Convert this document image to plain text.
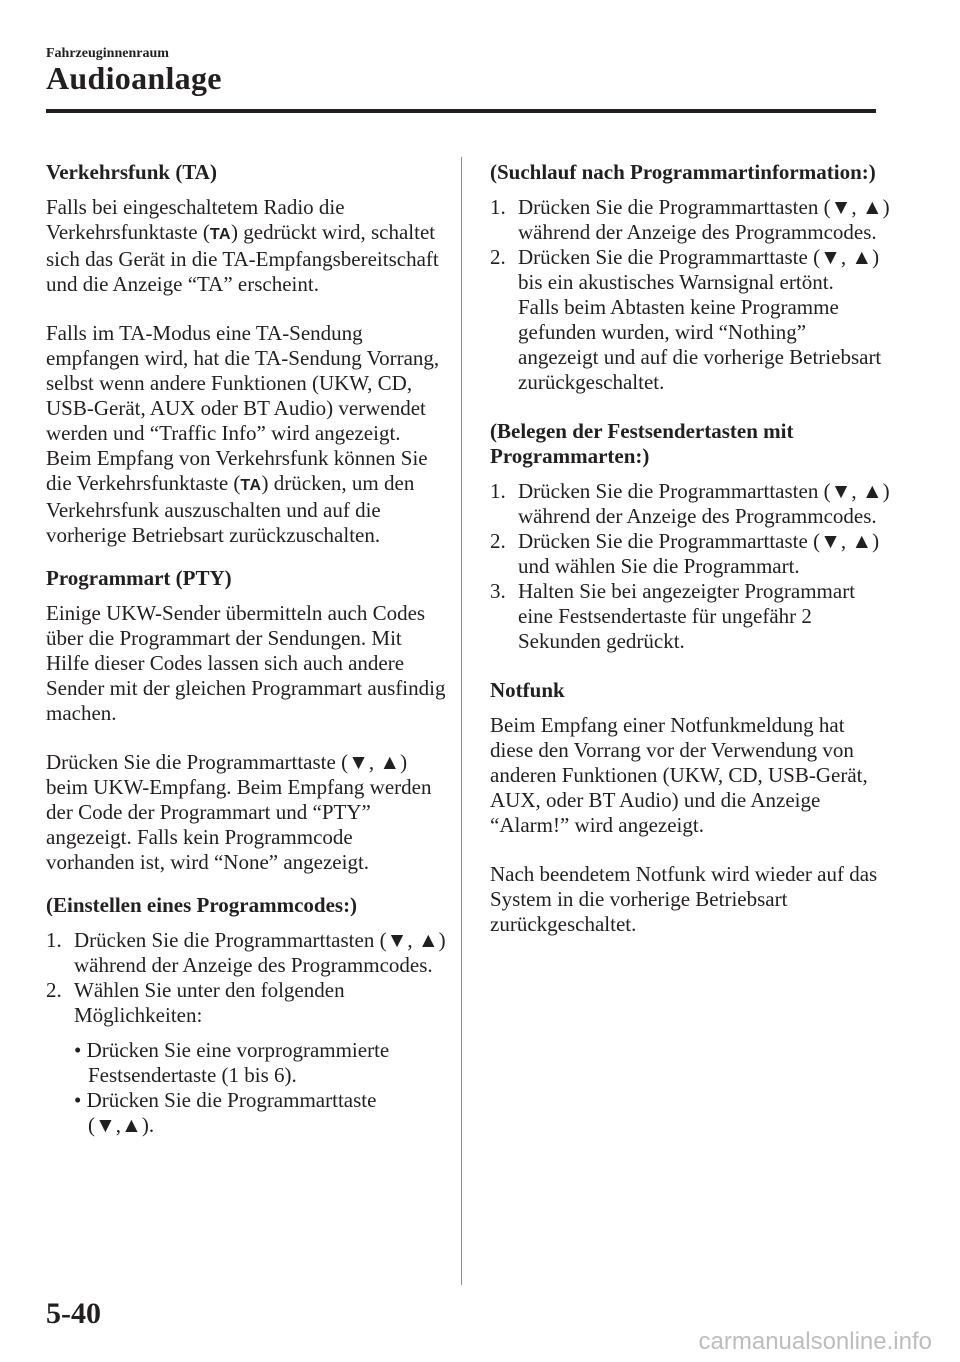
Fahrzeuginnenraum
Audioanlage
Verkehrsfunk (TA)

Falls bei eingeschaltetem Radio die Verkehrsfunktaste (TA) gedrückt wird, schaltet sich das Gerät in die TA-Empfangsbereitschaft und die Anzeige “TA” erscheint.

Falls im TA-Modus eine TA-Sendung empfangen wird, hat die TA-Sendung Vorrang, selbst wenn andere Funktionen (UKW, CD, USB-Gerät, AUX oder BT Audio) verwendet werden und “Traffic Info” wird angezeigt.

Beim Empfang von Verkehrsfunk können Sie die Verkehrsfunktaste (TA) drücken, um den Verkehrsfunk auszuschalten und auf die vorherige Betriebsart zurückzuschalten.

Programmart (PTY)

Einige UKW-Sender übermitteln auch Codes über die Programmart der Sendungen. Mit Hilfe dieser Codes lassen sich auch andere Sender mit der gleichen Programmart ausfindig machen.

Drücken Sie die Programmarttaste (▼, ▲) beim UKW-Empfang. Beim Empfang werden der Code der Programmart und “PTY” angezeigt. Falls kein Programmcode vorhanden ist, wird “None” angezeigt.

(Einstellen eines Programmcodes:)
1. Drücken Sie die Programmarttasten (▼, ▲) während der Anzeige des Programmcodes.
2. Wählen Sie unter den folgenden Möglichkeiten:
• Drücken Sie eine vorprogrammierte Festsendertaste (1 bis 6).
• Drücken Sie die Programmarttaste (▼,▲).
(Suchlauf nach Programmartinformation:)
1. Drücken Sie die Programmarttasten (▼, ▲) während der Anzeige des Programmcodes.
2. Drücken Sie die Programmarttaste (▼, ▲) bis ein akustisches Warnsignal ertönt.
Falls beim Abtasten keine Programme gefunden wurden, wird “Nothing” angezeigt und auf die vorherige Betriebsart zurückgeschaltet.
(Belegen der Festsendertasten mit Programmarten:)
1. Drücken Sie die Programmarttasten (▼, ▲) während der Anzeige des Programmcodes.
2. Drücken Sie die Programmarttaste (▼, ▲) und wählen Sie die Programmart.
3. Halten Sie bei angezeigter Programmart eine Festsendertaste für ungefähr 2 Sekunden gedrückt.
Notfunk

Beim Empfang einer Notfunkmeldung hat diese den Vorrang vor der Verwendung von anderen Funktionen (UKW, CD, USB-Gerät, AUX, oder BT Audio) und die Anzeige “Alarm!” wird angezeigt.

Nach beendetem Notfunk wird wieder auf das System in die vorherige Betriebsart zurückgeschaltet.

5-40
carmanualsonline.info
